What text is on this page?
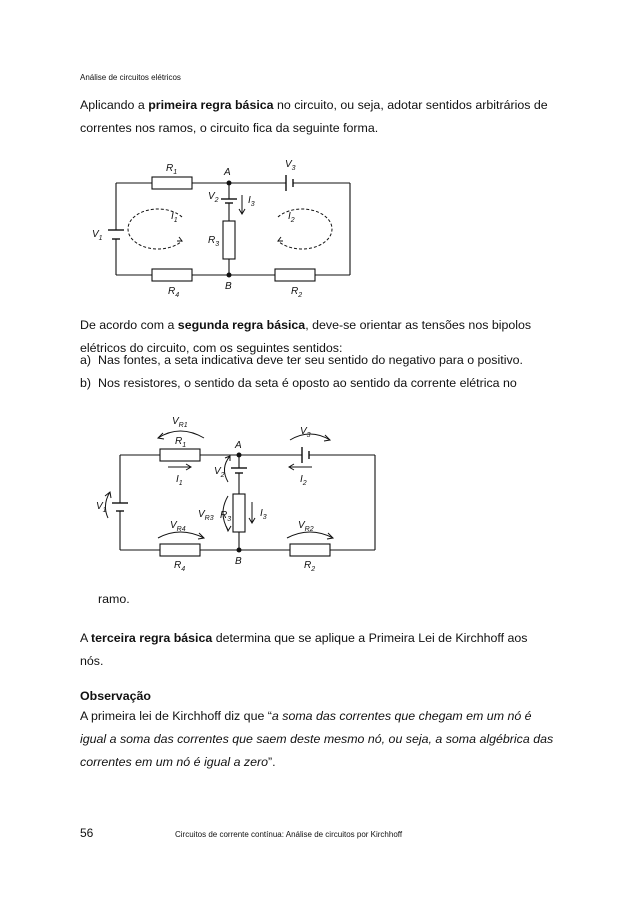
Análise de circuitos elétricos
Aplicando a primeira regra básica no circuito, ou seja, adotar sentidos arbitrários de
correntes nos ramos, o circuito fica da seguinte forma.
$R_1$	A
$V_3$
$V_2$	$I_3$
$I_1$	$I_2$
$R_3$
$V_1$
$R_4$
B	$R_2$
De acordo com a segunda regra básica, deve-se orientar as tensões nos bipolos
elétricos do circuito, com os seguintes sentidos:
a) Nas fontes, a seta indicativa deve ter seu sentido do negativo para o positivo.
b) Nos resistores, o sentido da seta é oposto ao sentido da corrente elétrica no
$V_{R1}$
$R_1$	A
$V_3$
$V_2$
$I_1$	$I_2$
$V_1$	$V_{R3}$ $R_3$
$I_3$
$V_{R4}$	$V_{R2}$
$R_4$
B	$R_2$
ramo.
A terceira regra básica determina que se aplique a Primeira Lei de Kirchhoff aos
nós.
Observação
A primeira lei de Kirchhoff diz que “a soma das correntes que chegam em um nó é
igual a soma das correntes que saem deste mesmo nó, ou seja, a soma algébrica das
correntes em um nó é igual a zero”.
56	Circuitos de corrente contínua: Análise de circuitos por Kirchhoff
